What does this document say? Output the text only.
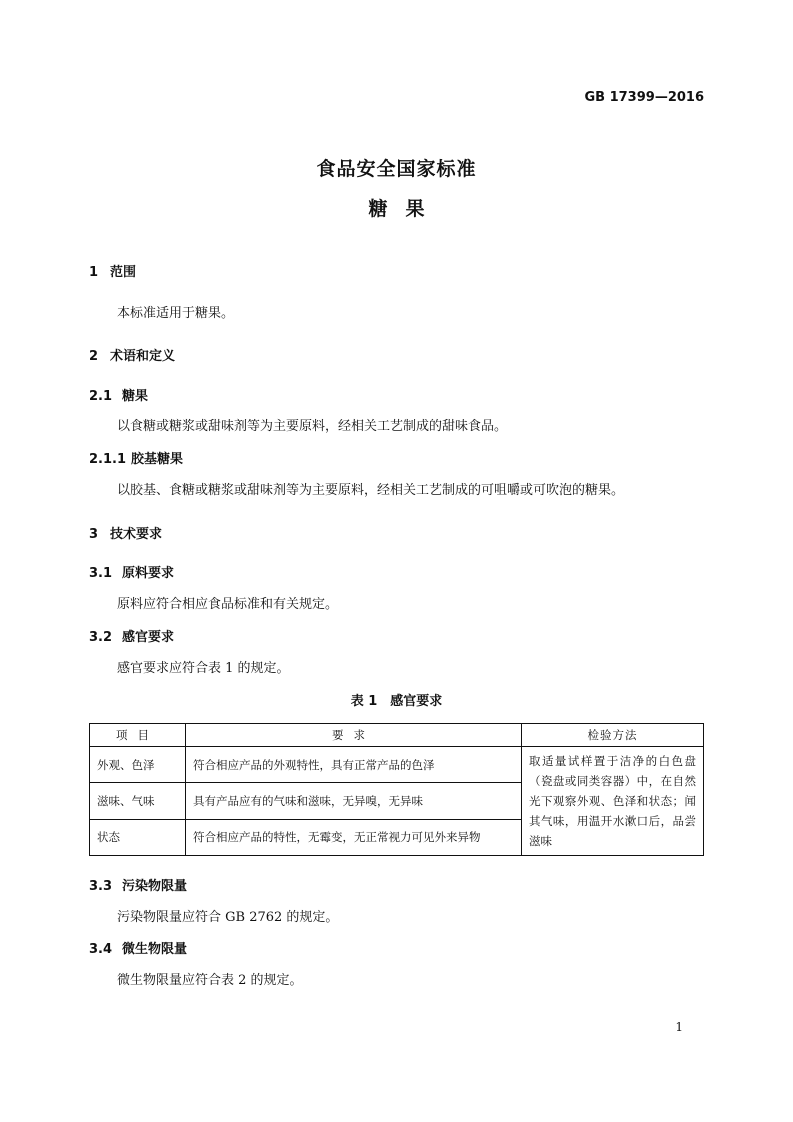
GB 17399—2016
食品安全国家标准
糖果
1 范围
本标准适用于糖果。
2 术语和定义
2.1 糖果
以食糖或糖浆或甜味剂等为主要原料，经相关工艺制成的甜味食品。
2.1.1 胶基糖果
以胶基、食糖或糖浆或甜味剂等为主要原料，经相关工艺制成的可咀嚼或可吹泡的糖果。
3 技术要求
3.1 原料要求
原料应符合相应食品标准和有关规定。
3.2 感官要求
感官要求应符合表 1 的规定。
表 1　感官要求
项目	要求	检验方法
外观、色泽	符合相应产品的外观特性，具有正常产品的色泽	取适量试样置于洁净的白色盘（瓷盘或同类容器）中，在自然光下观察外观、色泽和状态；闻其气味，用温开水漱口后，品尝滋味
滋味、气味	具有产品应有的气味和滋味，无异嗅，无异味	
状态	符合相应产品的特性，无霉变，无正常视力可见外来异物	
3.3 污染物限量
污染物限量应符合 GB 2762 的规定。
3.4 微生物限量
微生物限量应符合表 2 的规定。
1
